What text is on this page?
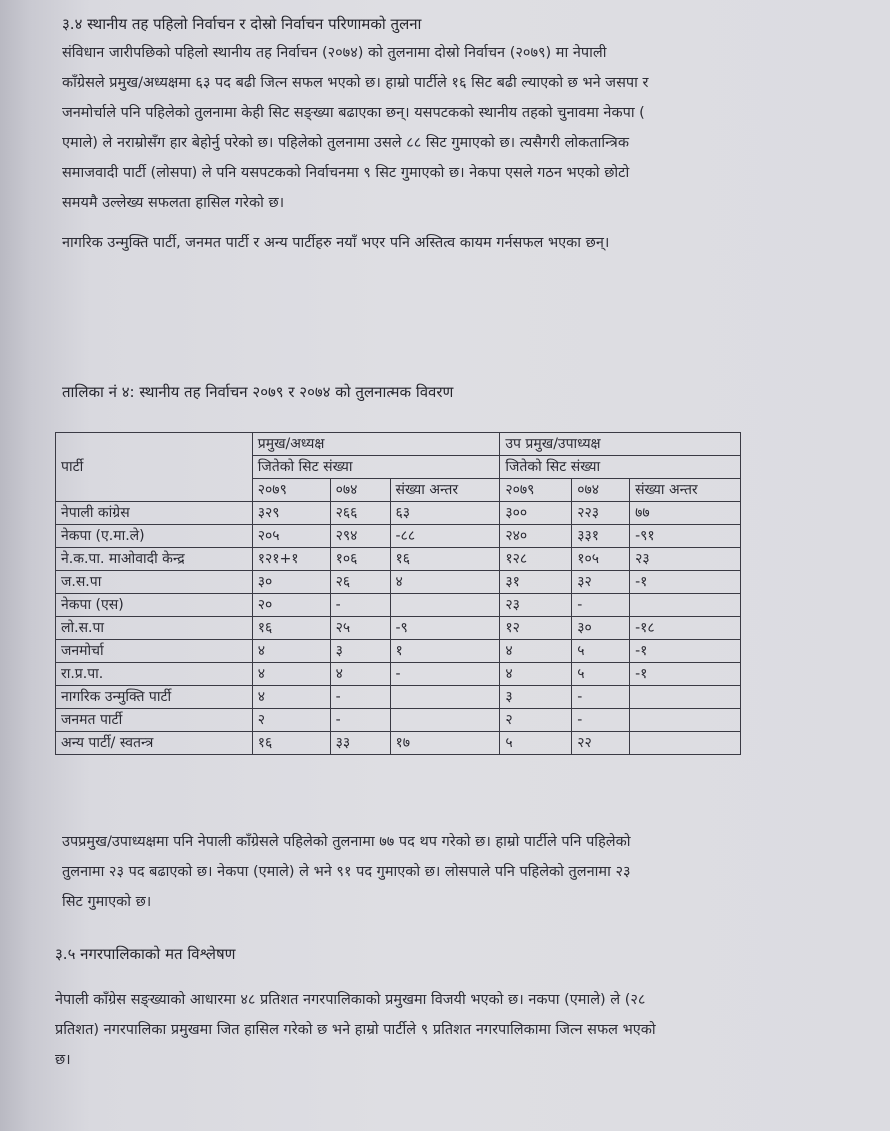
३.४ स्थानीय तह पहिलो निर्वाचन र दोस्रो निर्वाचन परिणामको तुलना
संविधान जारीपछिको पहिलो स्थानीय तह निर्वाचन (२०७४) को तुलनामा दोस्रो निर्वाचन (२०७९) मा नेपाली
काँग्रेसले प्रमुख/अध्यक्षमा ६३ पद बढी जित्न सफल भएको छ। हाम्रो पार्टीले १६ सिट बढी ल्याएको छ भने जसपा र
जनमोर्चाले पनि पहिलेको तुलनामा केही सिट सङ्ख्या बढाएका छन्। यसपटकको स्थानीय तहको चुनावमा नेकपा (
एमाले) ले नराम्रोसँग हार बेहोर्नु परेको छ। पहिलेको तुलनामा उसले ८८ सिट गुमाएको छ। त्यसैगरी लोकतान्त्रिक
समाजवादी पार्टी (लोसपा) ले पनि यसपटकको निर्वाचनमा ९ सिट गुमाएको छ। नेकपा एसले गठन भएको छोटो
समयमै उल्लेख्य सफलता हासिल गरेको छ।
नागरिक उन्मुक्ति पार्टी, जनमत पार्टी र अन्य पार्टीहरु नयाँ भएर पनि अस्तित्व कायम गर्नसफल भएका छन्।
तालिका नं ४: स्थानीय तह निर्वाचन २०७९ र २०७४ को तुलनात्मक विवरण
पार्टी	प्रमुख/अध्यक्ष			उप प्रमुख/उपाध्यक्ष		
	जितेको सिट संख्या			जितेको सिट संख्या		
	२०७९	०७४	संख्या अन्तर	२०७९	०७४	संख्या अन्तर
नेपाली कांग्रेस	३२९	२६६	६३	३००	२२३	७७
नेकपा (ए.मा.ले)	२०५	२९४	-८८	२४०	३३१	-९१
ने.क.पा. माओवादी केन्द्र	१२१+१	१०६	१६	१२८	१०५	२३
ज.स.पा	३०	२६	४	३१	३२	-१
नेकपा (एस)	२०	-		२३	-	
लो.स.पा	१६	२५	-९	१२	३०	-१८
जनमोर्चा	४	३	१	४	५	-१
रा.प्र.पा.	४	४	-	४	५	-१
नागरिक उन्मुक्ति पार्टी	४	-		३	-	
जनमत पार्टी	२	-		२	-	
अन्य पार्टी/ स्वतन्त्र	१६	३३	१७	५	२२	
उपप्रमुख/उपाध्यक्षमा पनि नेपाली काँग्रेसले पहिलेको तुलनामा ७७ पद थप गरेको छ। हाम्रो पार्टीले पनि पहिलेको
तुलनामा २३ पद बढाएको छ। नेकपा (एमाले) ले भने ९१ पद गुमाएको छ। लोसपाले पनि पहिलेको तुलनामा २३
सिट गुमाएको छ।
३.५ नगरपालिकाको मत विश्लेषण
नेपाली काँग्रेस सङ्ख्याको आधारमा ४८ प्रतिशत नगरपालिकाको प्रमुखमा विजयी भएको छ। नकपा (एमाले) ले (२८
प्रतिशत) नगरपालिका प्रमुखमा जित हासिल गरेको छ भने हाम्रो पार्टीले ९ प्रतिशत नगरपालिकामा जित्न सफल भएको
छ।
